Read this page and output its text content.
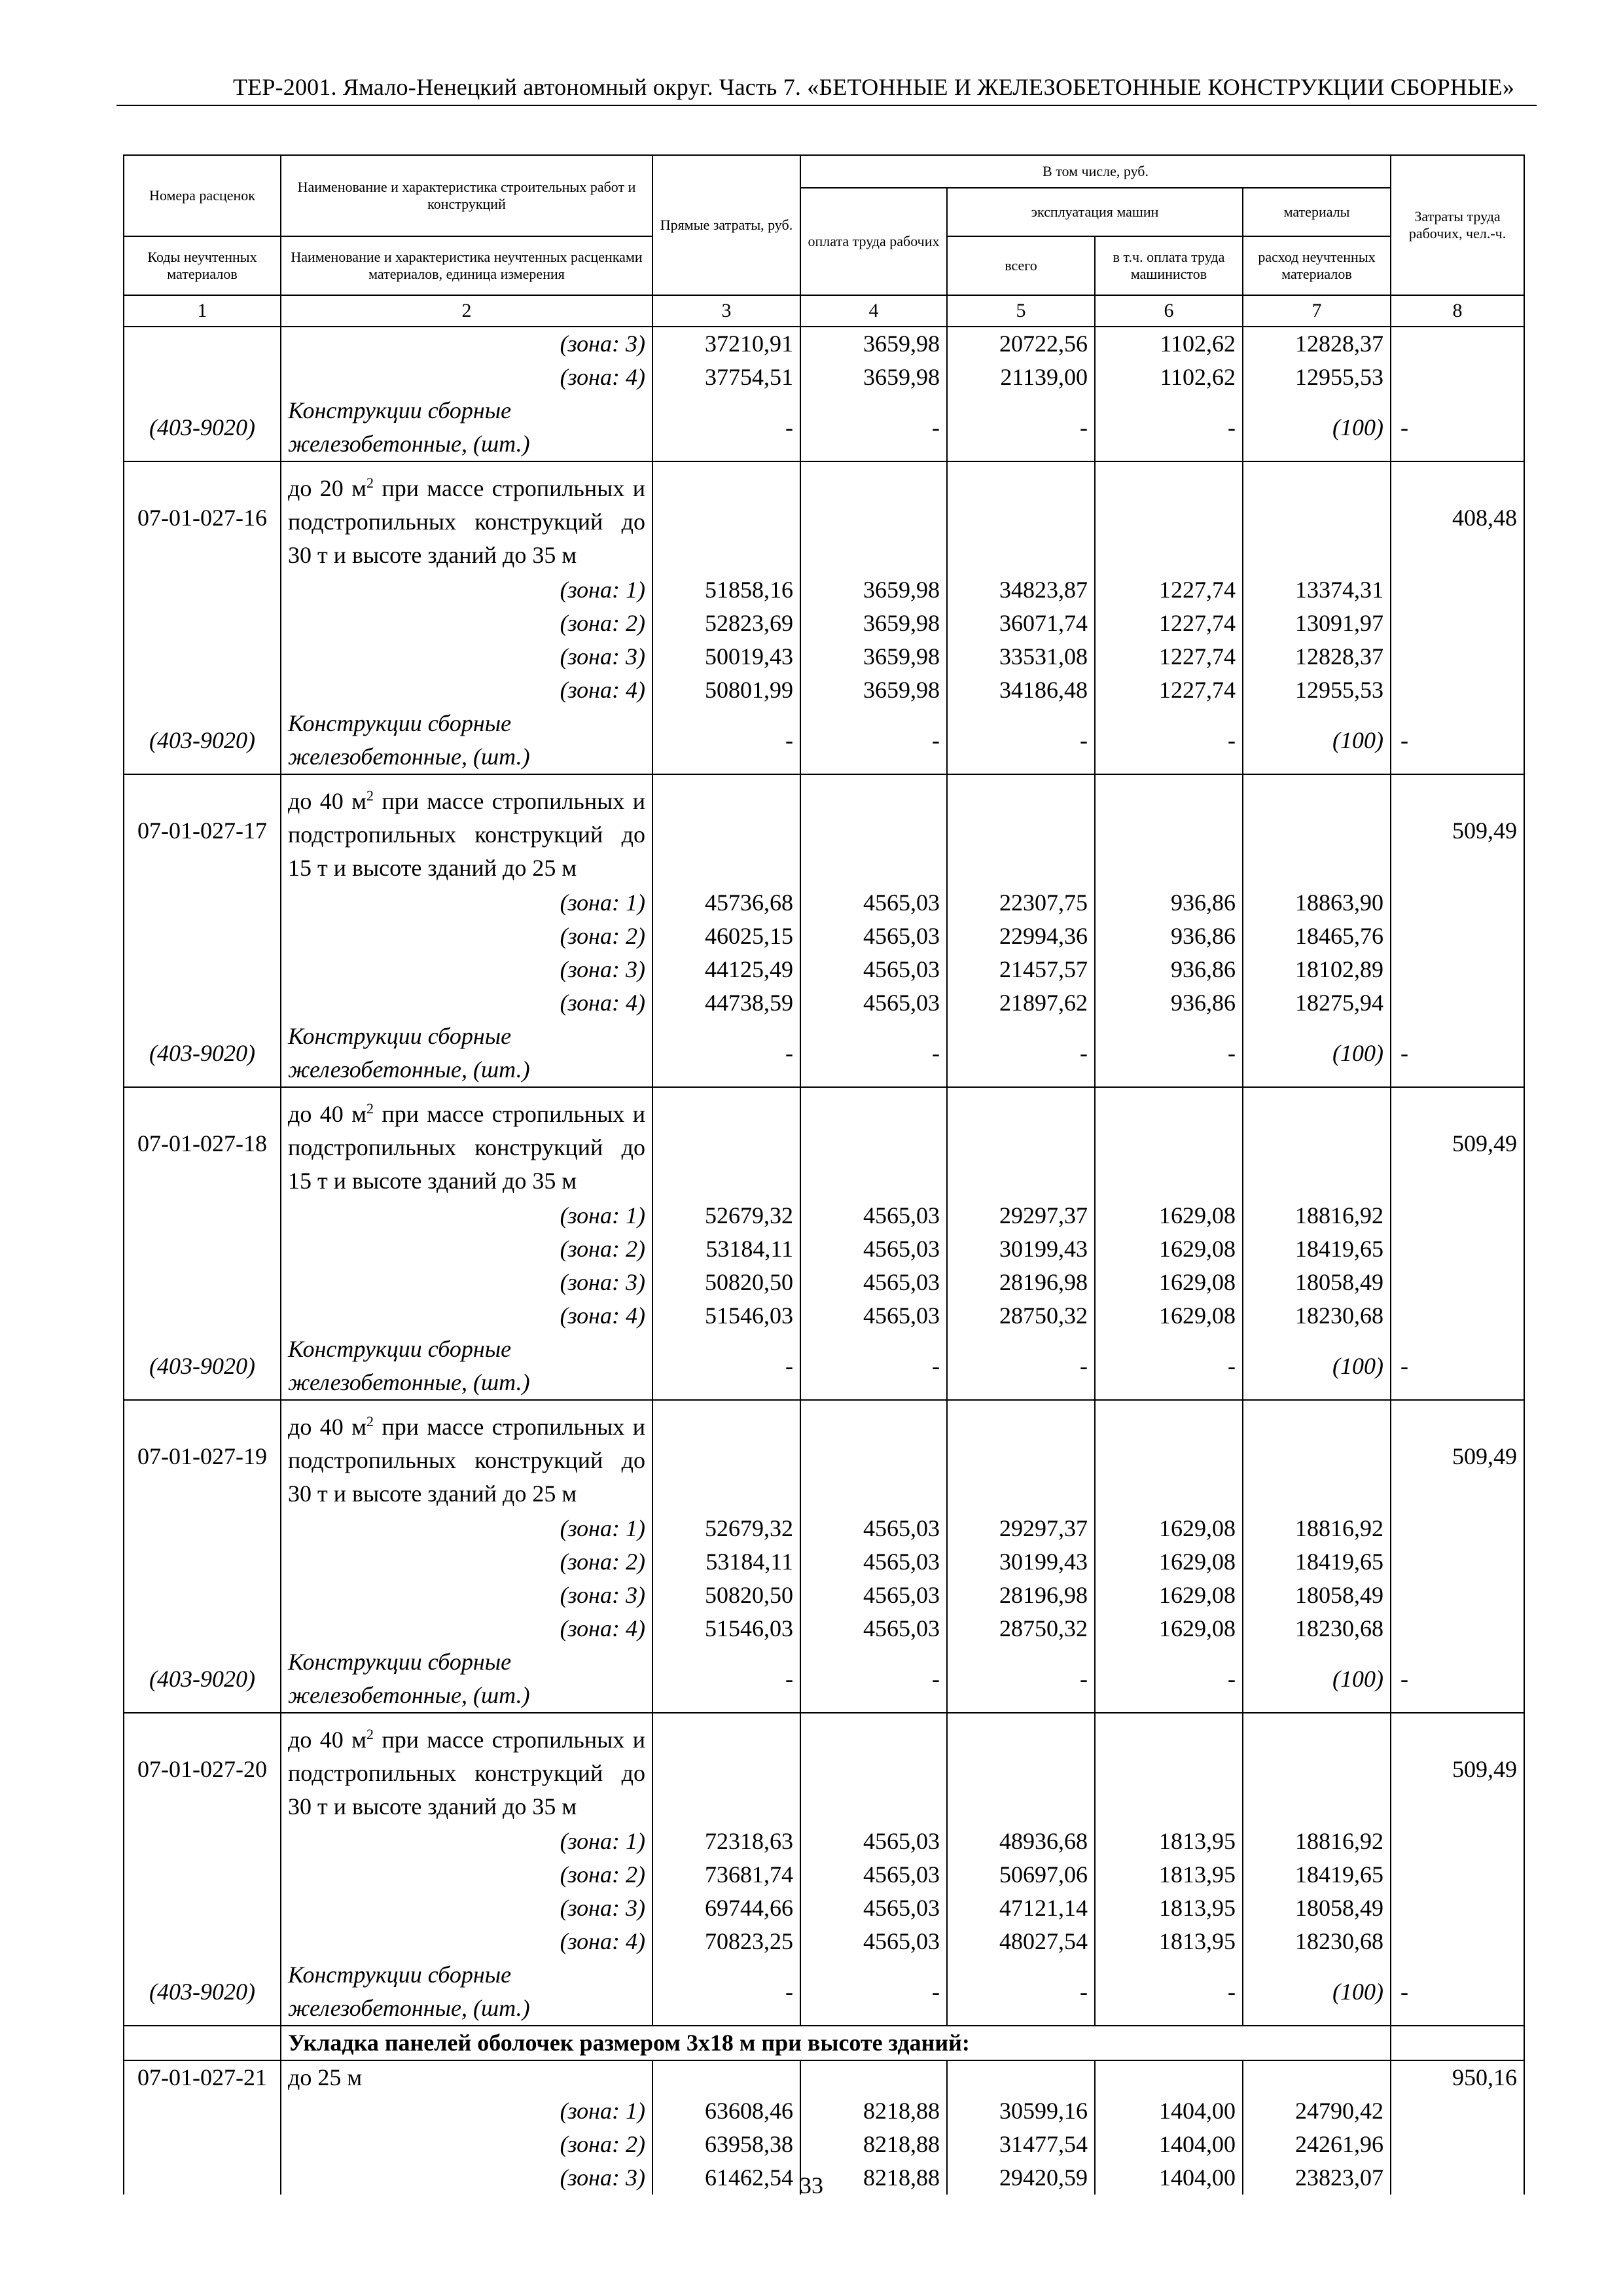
ТЕР-2001. Ямало-Ненецкий автономный округ. Часть 7. «БЕТОННЫЕ И ЖЕЛЕЗОБЕТОННЫЕ КОНСТРУКЦИИ СБОРНЫЕ»
Номера расценок	Наименование и характеристика строительных работ и конструкций	Прямые затраты, руб.	В том числе, руб.				Затраты труда рабочих, чел.-ч.
			оплата труда рабочих	эксплуатация машин		материалы	
Коды неучтенных материалов	Наименование и характеристика неучтенных расценками материалов, единица измерения			всего	в т.ч. оплата труда машинистов	расход неучтенных материалов	
1	2	3	4	5	6	7	8
	(зона: 3)	37210,91	3659,98	20722,56	1102,62	12828,37	
	(зона: 4)	37754,51	3659,98	21139,00	1102,62	12955,53	
(403-9020)	Конструкции сборные железобетонные, (шт.)	-	-	-	-	(100)	-
07-01-027-16	до 20 $м^2$ при массе стропильных и подстропильных конструкций до 30 т и высоте зданий до 35 м						408,48
	(зона: 1)	51858,16	3659,98	34823,87	1227,74	13374,31	
	(зона: 2)	52823,69	3659,98	36071,74	1227,74	13091,97	
	(зона: 3)	50019,43	3659,98	33531,08	1227,74	12828,37	
	(зона: 4)	50801,99	3659,98	34186,48	1227,74	12955,53	
(403-9020)	Конструкции сборные железобетонные, (шт.)	-	-	-	-	(100)	-
07-01-027-17	до 40 $м^2$ при массе стропильных и подстропильных конструкций до 15 т и высоте зданий до 25 м						509,49
	(зона: 1)	45736,68	4565,03	22307,75	936,86	18863,90	
	(зона: 2)	46025,15	4565,03	22994,36	936,86	18465,76	
	(зона: 3)	44125,49	4565,03	21457,57	936,86	18102,89	
	(зона: 4)	44738,59	4565,03	21897,62	936,86	18275,94	
(403-9020)	Конструкции сборные железобетонные, (шт.)	-	-	-	-	(100)	-
07-01-027-18	до 40 $м^2$ при массе стропильных и подстропильных конструкций до 15 т и высоте зданий до 35 м						509,49
	(зона: 1)	52679,32	4565,03	29297,37	1629,08	18816,92	
	(зона: 2)	53184,11	4565,03	30199,43	1629,08	18419,65	
	(зона: 3)	50820,50	4565,03	28196,98	1629,08	18058,49	
	(зона: 4)	51546,03	4565,03	28750,32	1629,08	18230,68	
(403-9020)	Конструкции сборные железобетонные, (шт.)	-	-	-	-	(100)	-
07-01-027-19	до 40 $м^2$ при массе стропильных и подстропильных конструкций до 30 т и высоте зданий до 25 м						509,49
	(зона: 1)	52679,32	4565,03	29297,37	1629,08	18816,92	
	(зона: 2)	53184,11	4565,03	30199,43	1629,08	18419,65	
	(зона: 3)	50820,50	4565,03	28196,98	1629,08	18058,49	
	(зона: 4)	51546,03	4565,03	28750,32	1629,08	18230,68	
(403-9020)	Конструкции сборные железобетонные, (шт.)	-	-	-	-	(100)	-
07-01-027-20	до 40 $м^2$ при массе стропильных и подстропильных конструкций до 30 т и высоте зданий до 35 м						509,49
	(зона: 1)	72318,63	4565,03	48936,68	1813,95	18816,92	
	(зона: 2)	73681,74	4565,03	50697,06	1813,95	18419,65	
	(зона: 3)	69744,66	4565,03	47121,14	1813,95	18058,49	
	(зона: 4)	70823,25	4565,03	48027,54	1813,95	18230,68	
(403-9020)	Конструкции сборные железобетонные, (шт.)	-	-	-	-	(100)	-
	Укладка панелей оболочек размером 3х18 м при высоте зданий:						
07-01-027-21	до 25 м						950,16
	(зона: 1)	63608,46	8218,88	30599,16	1404,00	24790,42	
	(зона: 2)	63958,38	8218,88	31477,54	1404,00	24261,96	
	(зона: 3)	61462,54	8218,88	29420,59	1404,00	23823,07	
33
